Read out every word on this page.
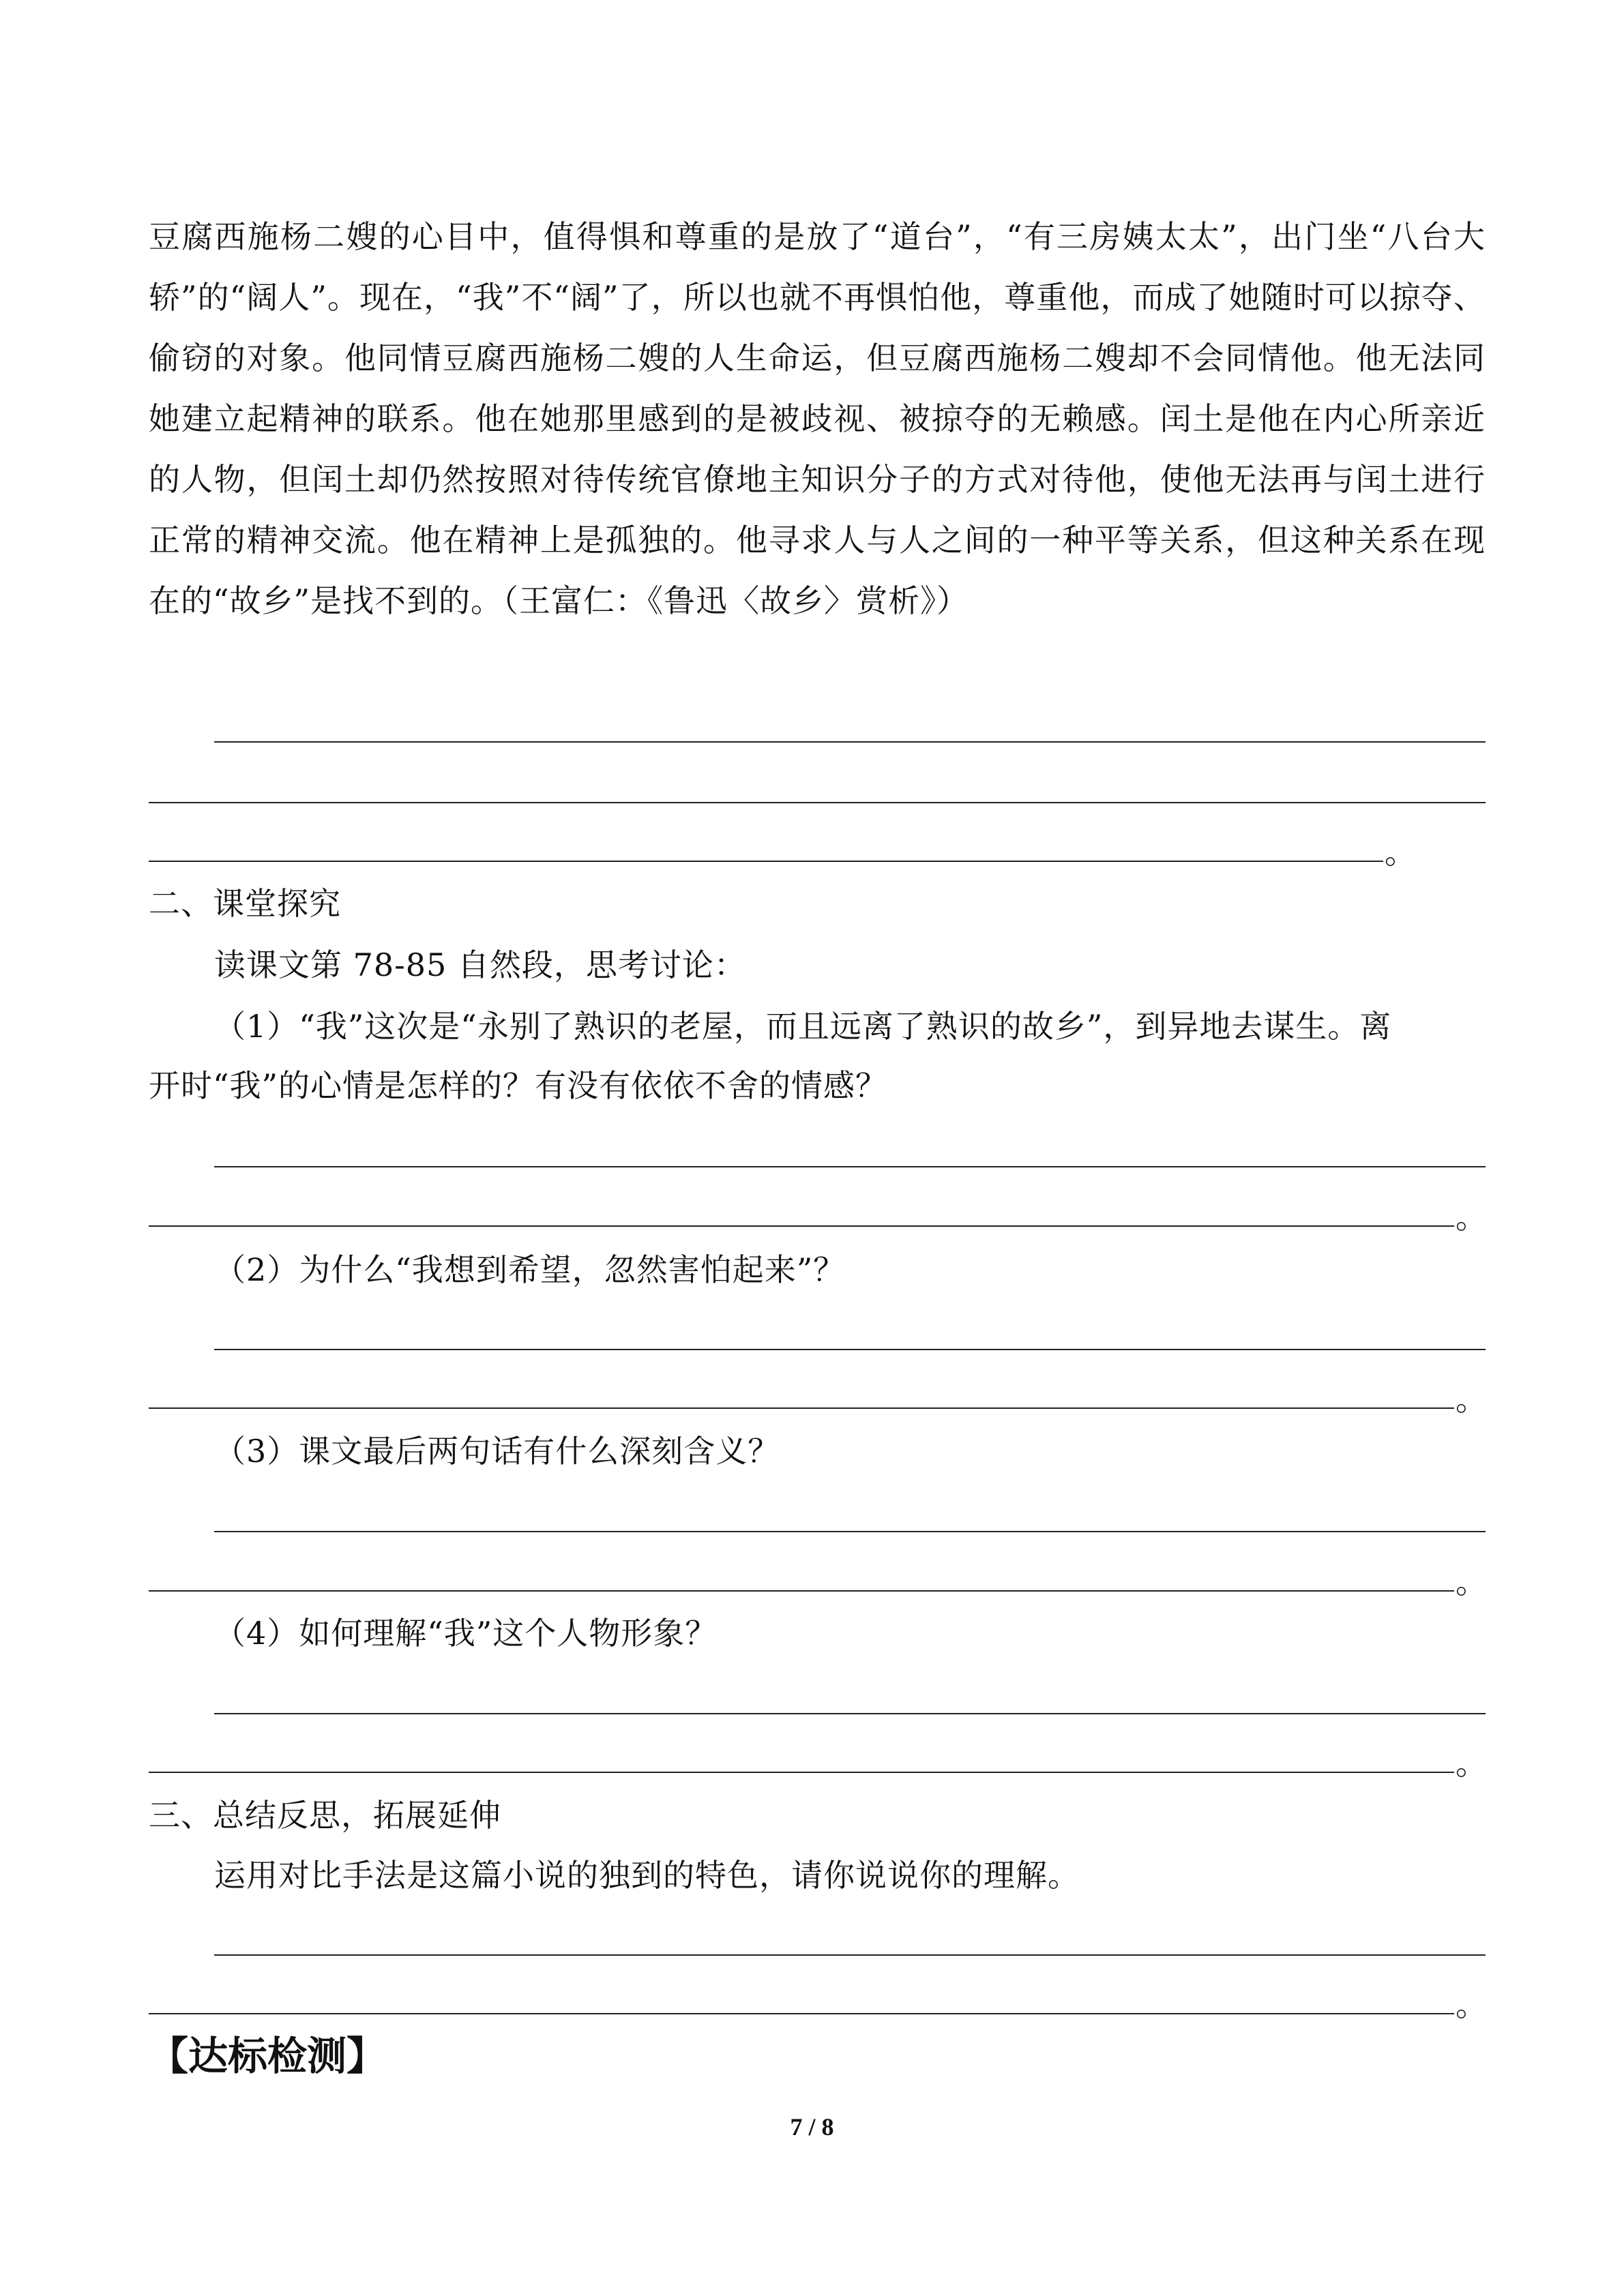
豆腐西施杨二嫂的心目中，值得惧和尊重的是放了“道台”，“有三房姨太太”，出门坐“八台大轿”的“阔人”。现在，“我”不“阔”了，所以也就不再惧怕他，尊重他，而成了她随时可以掠夺、偷窃的对象。他同情豆腐西施杨二嫂的人生命运，但豆腐西施杨二嫂却不会同情他。他无法同她建立起精神的联系。他在她那里感到的是被歧视、被掠夺的无赖感。闰土是他在内心所亲近的人物，但闰土却仍然按照对待传统官僚地主知识分子的方式对待他，使他无法再与闰土进行正常的精神交流。他在精神上是孤独的。他寻求人与人之间的一种平等关系，但这种关系在现在的“故乡”是找不到的。（王富仁：《鲁迅〈故乡〉赏析》）
。
二、课堂探究
读课文第 78-85 自然段，思考讨论：
（1）“我”这次是“永别了熟识的老屋，而且远离了熟识的故乡”，到异地去谋生。离
开时“我”的心情是怎样的？有没有依依不舍的情感？
。
（2）为什么“我想到希望，忽然害怕起来”？
。
（3）课文最后两句话有什么深刻含义？
。
（4）如何理解“我”这个人物形象？
。
三、总结反思，拓展延伸
运用对比手法是这篇小说的独到的特色，请你说说你的理解。
。
【达标检测】
7 / 8
